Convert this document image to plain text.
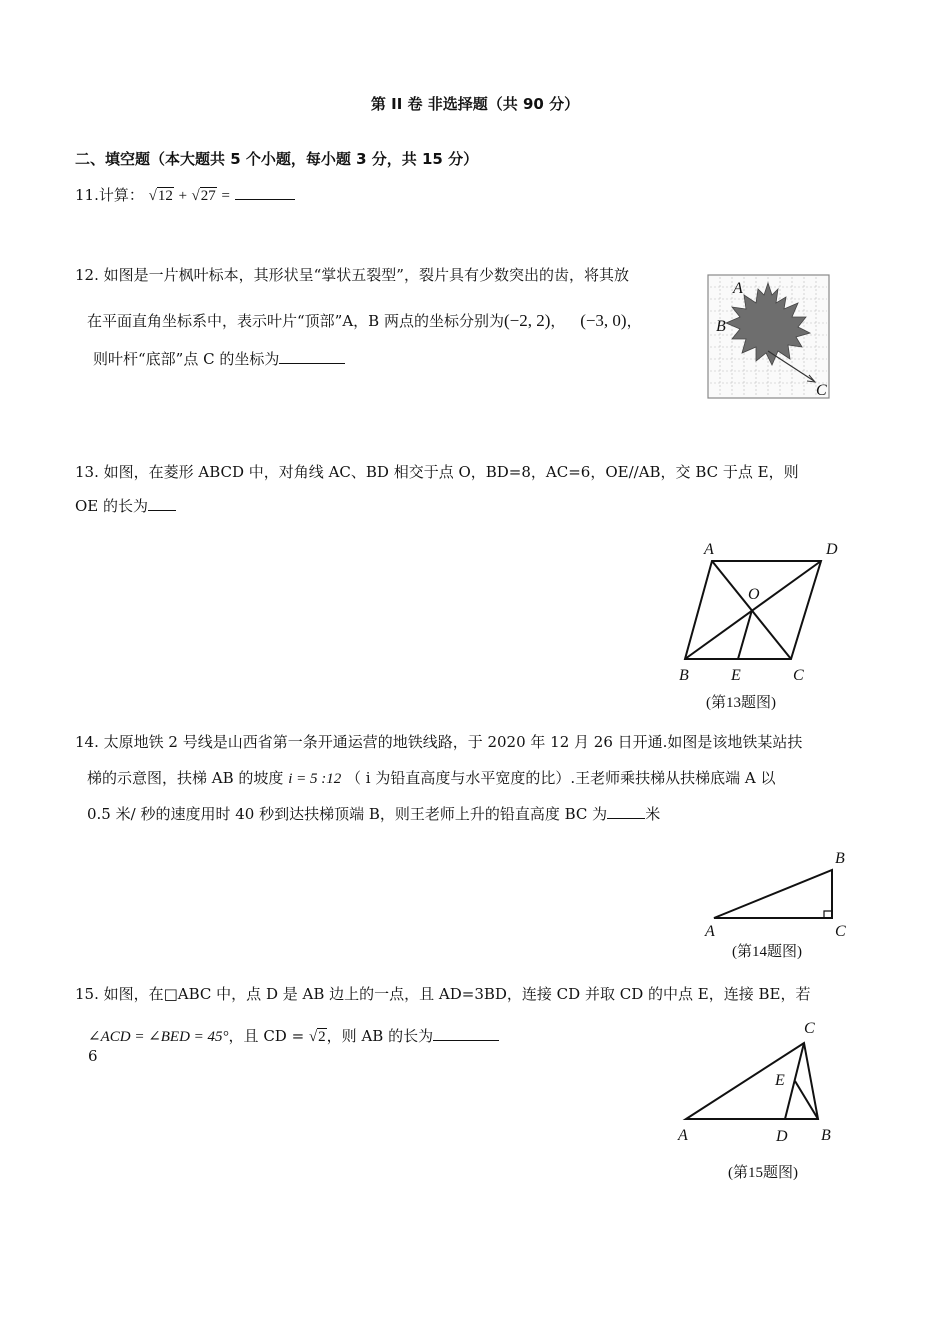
第 II 卷 非选择题（共 90 分）
二、填空题（本大题共 5 个小题，每小题 3 分，共 15 分）
11.计算： √12 + √27 =
12. 如图是一片枫叶标本，其形状呈“掌状五裂型”，裂片具有少数突出的齿，将其放
在平面直角坐标系中，表示叶片“顶部”A，B 两点的坐标分别为(−2, 2)， (−3, 0)，
则叶杆“底部”点 C 的坐标为
A
B
C
13. 如图，在菱形 ABCD 中，对角线 AC、BD 相交于点 O，BD=8，AC=6，OE//AB，交 BC 于点 E，则
OE 的长为
A	D
O
B	E	C
(第13题图)
14. 太原地铁 2 号线是山西省第一条开通运营的地铁线路，于 2020 年 12 月 26 日开通.如图是该地铁某站扶
梯的示意图，扶梯 AB 的坡度 i = 5 :12 （ i 为铅直高度与水平宽度的比）.王老师乘扶梯从扶梯底端 A 以
0.5 米/ 秒的速度用时 40 秒到达扶梯顶端 B，则王老师上升的铅直高度 BC 为	米
B
A	C
(第14题图)
15. 如图，在□ABC 中，点 D 是 AB 边上的一点，且 AD=3BD，连接 CD 并取 CD 的中点 E，连接 BE，若
∠ACD = ∠BED = 45°，且 CD = √2，则 AB 的长为
6
C
E
A	D B
(第15题图)
